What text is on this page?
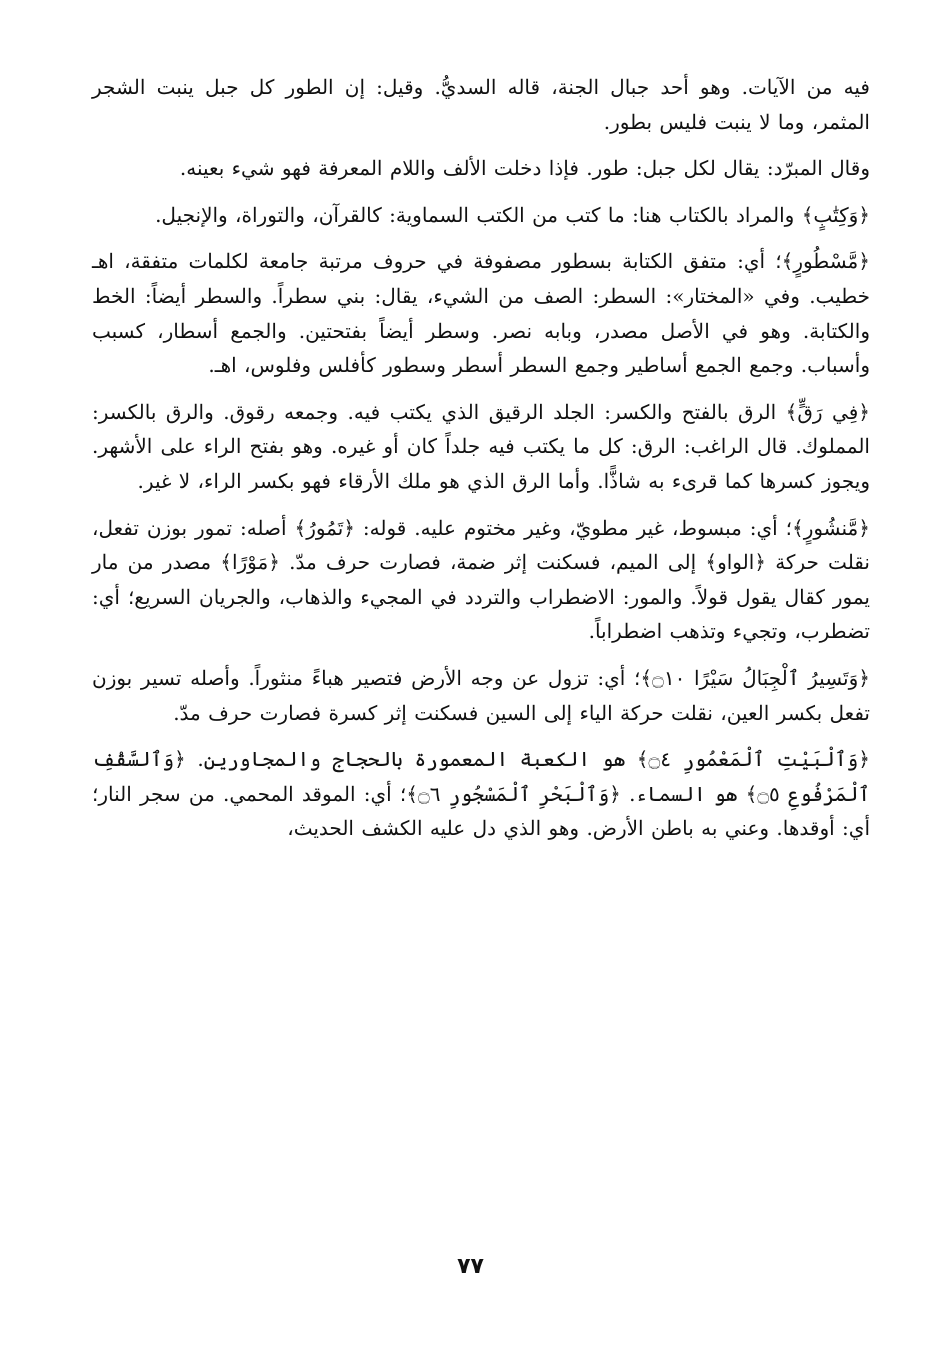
فيه من الآيات. وهو أحد جبال الجنة، قاله السديُّ. وقيل: إن الطور كل جبل ينبت الشجر المثمر، وما لا ينبت فليس بطور.

وقال المبرّد: يقال لكل جبل: طور. فإذا دخلت الألف واللام المعرفة فهو شيء بعينه.

﴿وَكِتَٰبٍ﴾ والمراد بالكتاب هنا: ما كتب من الكتب السماوية: كالقرآن، والتوراة، والإنجيل.

﴿مَّسْطُورٍ﴾؛ أي: متفق الكتابة بسطور مصفوفة في حروف مرتبة جامعة لكلمات متفقة، اهـ خطيب. وفي «المختار»: السطر: الصف من الشيء، يقال: بني سطراً. والسطر أيضاً: الخط والكتابة. وهو في الأصل مصدر، وبابه نصر. وسطر أيضاً بفتحتين. والجمع أسطار، كسبب وأسباب. وجمع الجمع أساطير وجمع السطر أسطر وسطور كأفلس وفلوس، اهـ.

﴿فِي رَقٍّ﴾ الرق بالفتح والكسر: الجلد الرقيق الذي يكتب فيه. وجمعه رقوق. والرق بالكسر: المملوك. قال الراغب: الرق: كل ما يكتب فيه جلداً كان أو غيره. وهو بفتح الراء على الأشهر. ويجوز كسرها كما قرىء به شاذًّا. وأما الرق الذي هو ملك الأرقاء فهو بكسر الراء، لا غير.

﴿مَّنشُورٍ﴾؛ أي: مبسوط، غير مطويّ، وغير مختوم عليه. قوله: ﴿تَمُورُ﴾ أصله: تمور بوزن تفعل، نقلت حركة ﴿الواو﴾ إلى الميم، فسكنت إثر ضمة، فصارت حرف مدّ. ﴿مَوْرًا﴾ مصدر من مار يمور كقال يقول قولاً. والمور: الاضطراب والتردد في المجيء والذهاب، والجريان السريع؛ أي: تضطرب، وتجيء وتذهب اضطراباً.

﴿وَتَسِيرُ ٱلْجِبَالُ سَيْرًا ۝١٠﴾؛ أي: تزول عن وجه الأرض فتصير هباءً منثوراً. وأصله تسير بوزن تفعل بكسر العين، نقلت حركة الياء إلى السين فسكنت إثر كسرة فصارت حرف مدّ.

﴿وَٱلْبَيْتِ ٱلْمَعْمُورِ ۝٤﴾ هو الكعبة المعمورة بالحجاج والمجاورين. ﴿وَٱلسَّقْفِ ٱلْمَرْفُوعِ ۝٥﴾ هو السماء. ﴿وَٱلْبَحْرِ ٱلْمَسْجُورِ ۝٦﴾؛ أي: الموقد المحمي. من سجر النار؛ أي: أوقدها. وعني به باطن الأرض. وهو الذي دل عليه الكشف الحديث،

٧٧
